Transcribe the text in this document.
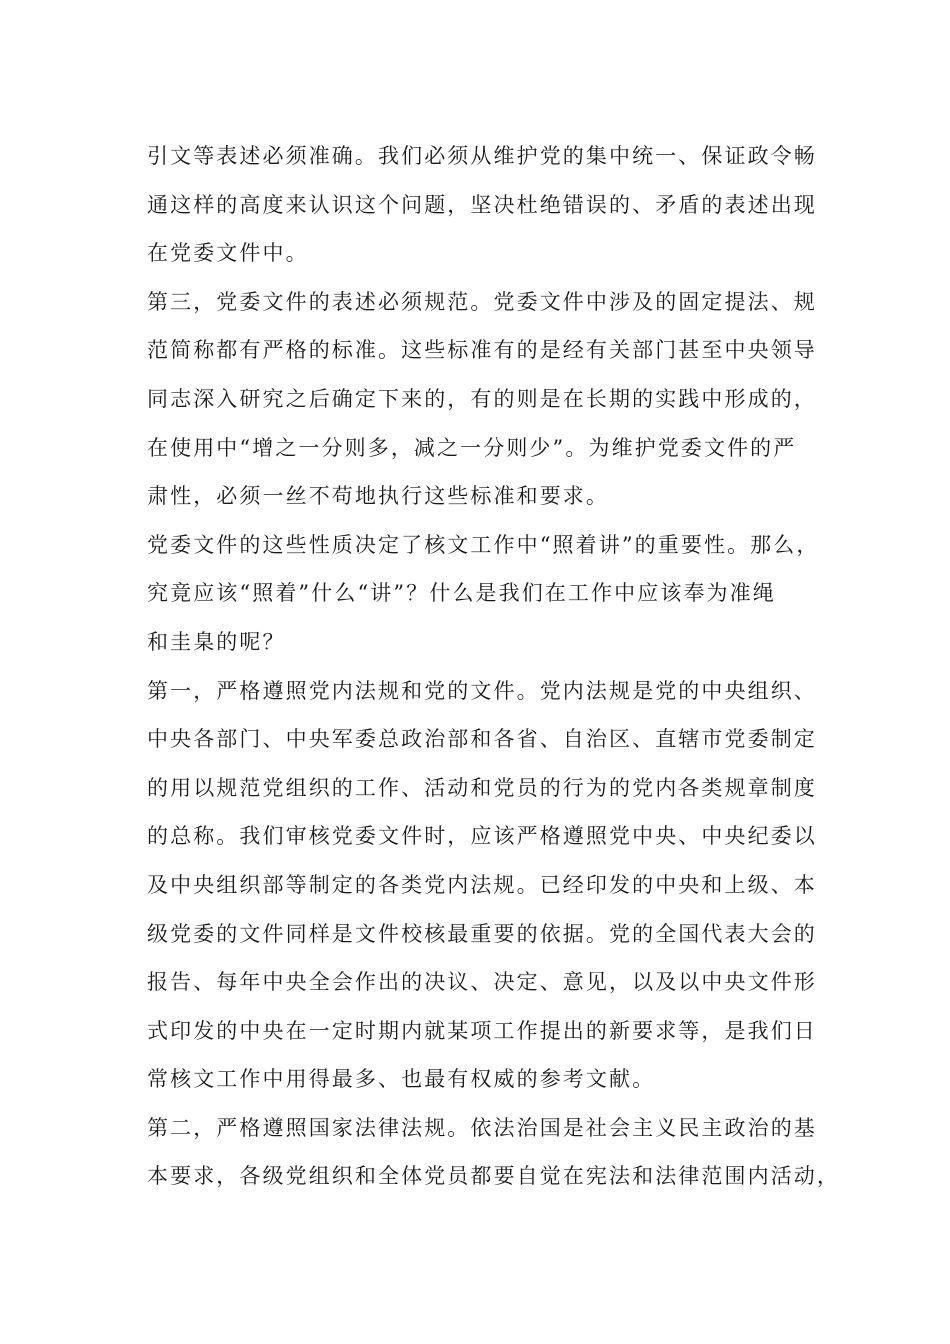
引文等表述必须准确。我们必须从维护党的集中统一、保证政令畅
通这样的高度来认识这个问题，坚决杜绝错误的、矛盾的表述出现
在党委文件中。
第三，党委文件的表述必须规范。党委文件中涉及的固定提法、规
范简称都有严格的标准。这些标准有的是经有关部门甚至中央领导
同志深入研究之后确定下来的，有的则是在长期的实践中形成的，
在使用中“增之一分则多，减之一分则少”。为维护党委文件的严
肃性，必须一丝不苟地执行这些标准和要求。
党委文件的这些性质决定了核文工作中“照着讲”的重要性。那么，
究竟应该“照着”什么“讲”？什么是我们在工作中应该奉为准绳
和圭臬的呢？
第一，严格遵照党内法规和党的文件。党内法规是党的中央组织、
中央各部门、中央军委总政治部和各省、自治区、直辖市党委制定
的用以规范党组织的工作、活动和党员的行为的党内各类规章制度
的总称。我们审核党委文件时，应该严格遵照党中央、中央纪委以
及中央组织部等制定的各类党内法规。已经印发的中央和上级、本
级党委的文件同样是文件校核最重要的依据。党的全国代表大会的
报告、每年中央全会作出的决议、决定、意见，以及以中央文件形
式印发的中央在一定时期内就某项工作提出的新要求等，是我们日
常核文工作中用得最多、也最有权威的参考文献。
第二，严格遵照国家法律法规。依法治国是社会主义民主政治的基
本要求，各级党组织和全体党员都要自觉在宪法和法律范围内活动，
